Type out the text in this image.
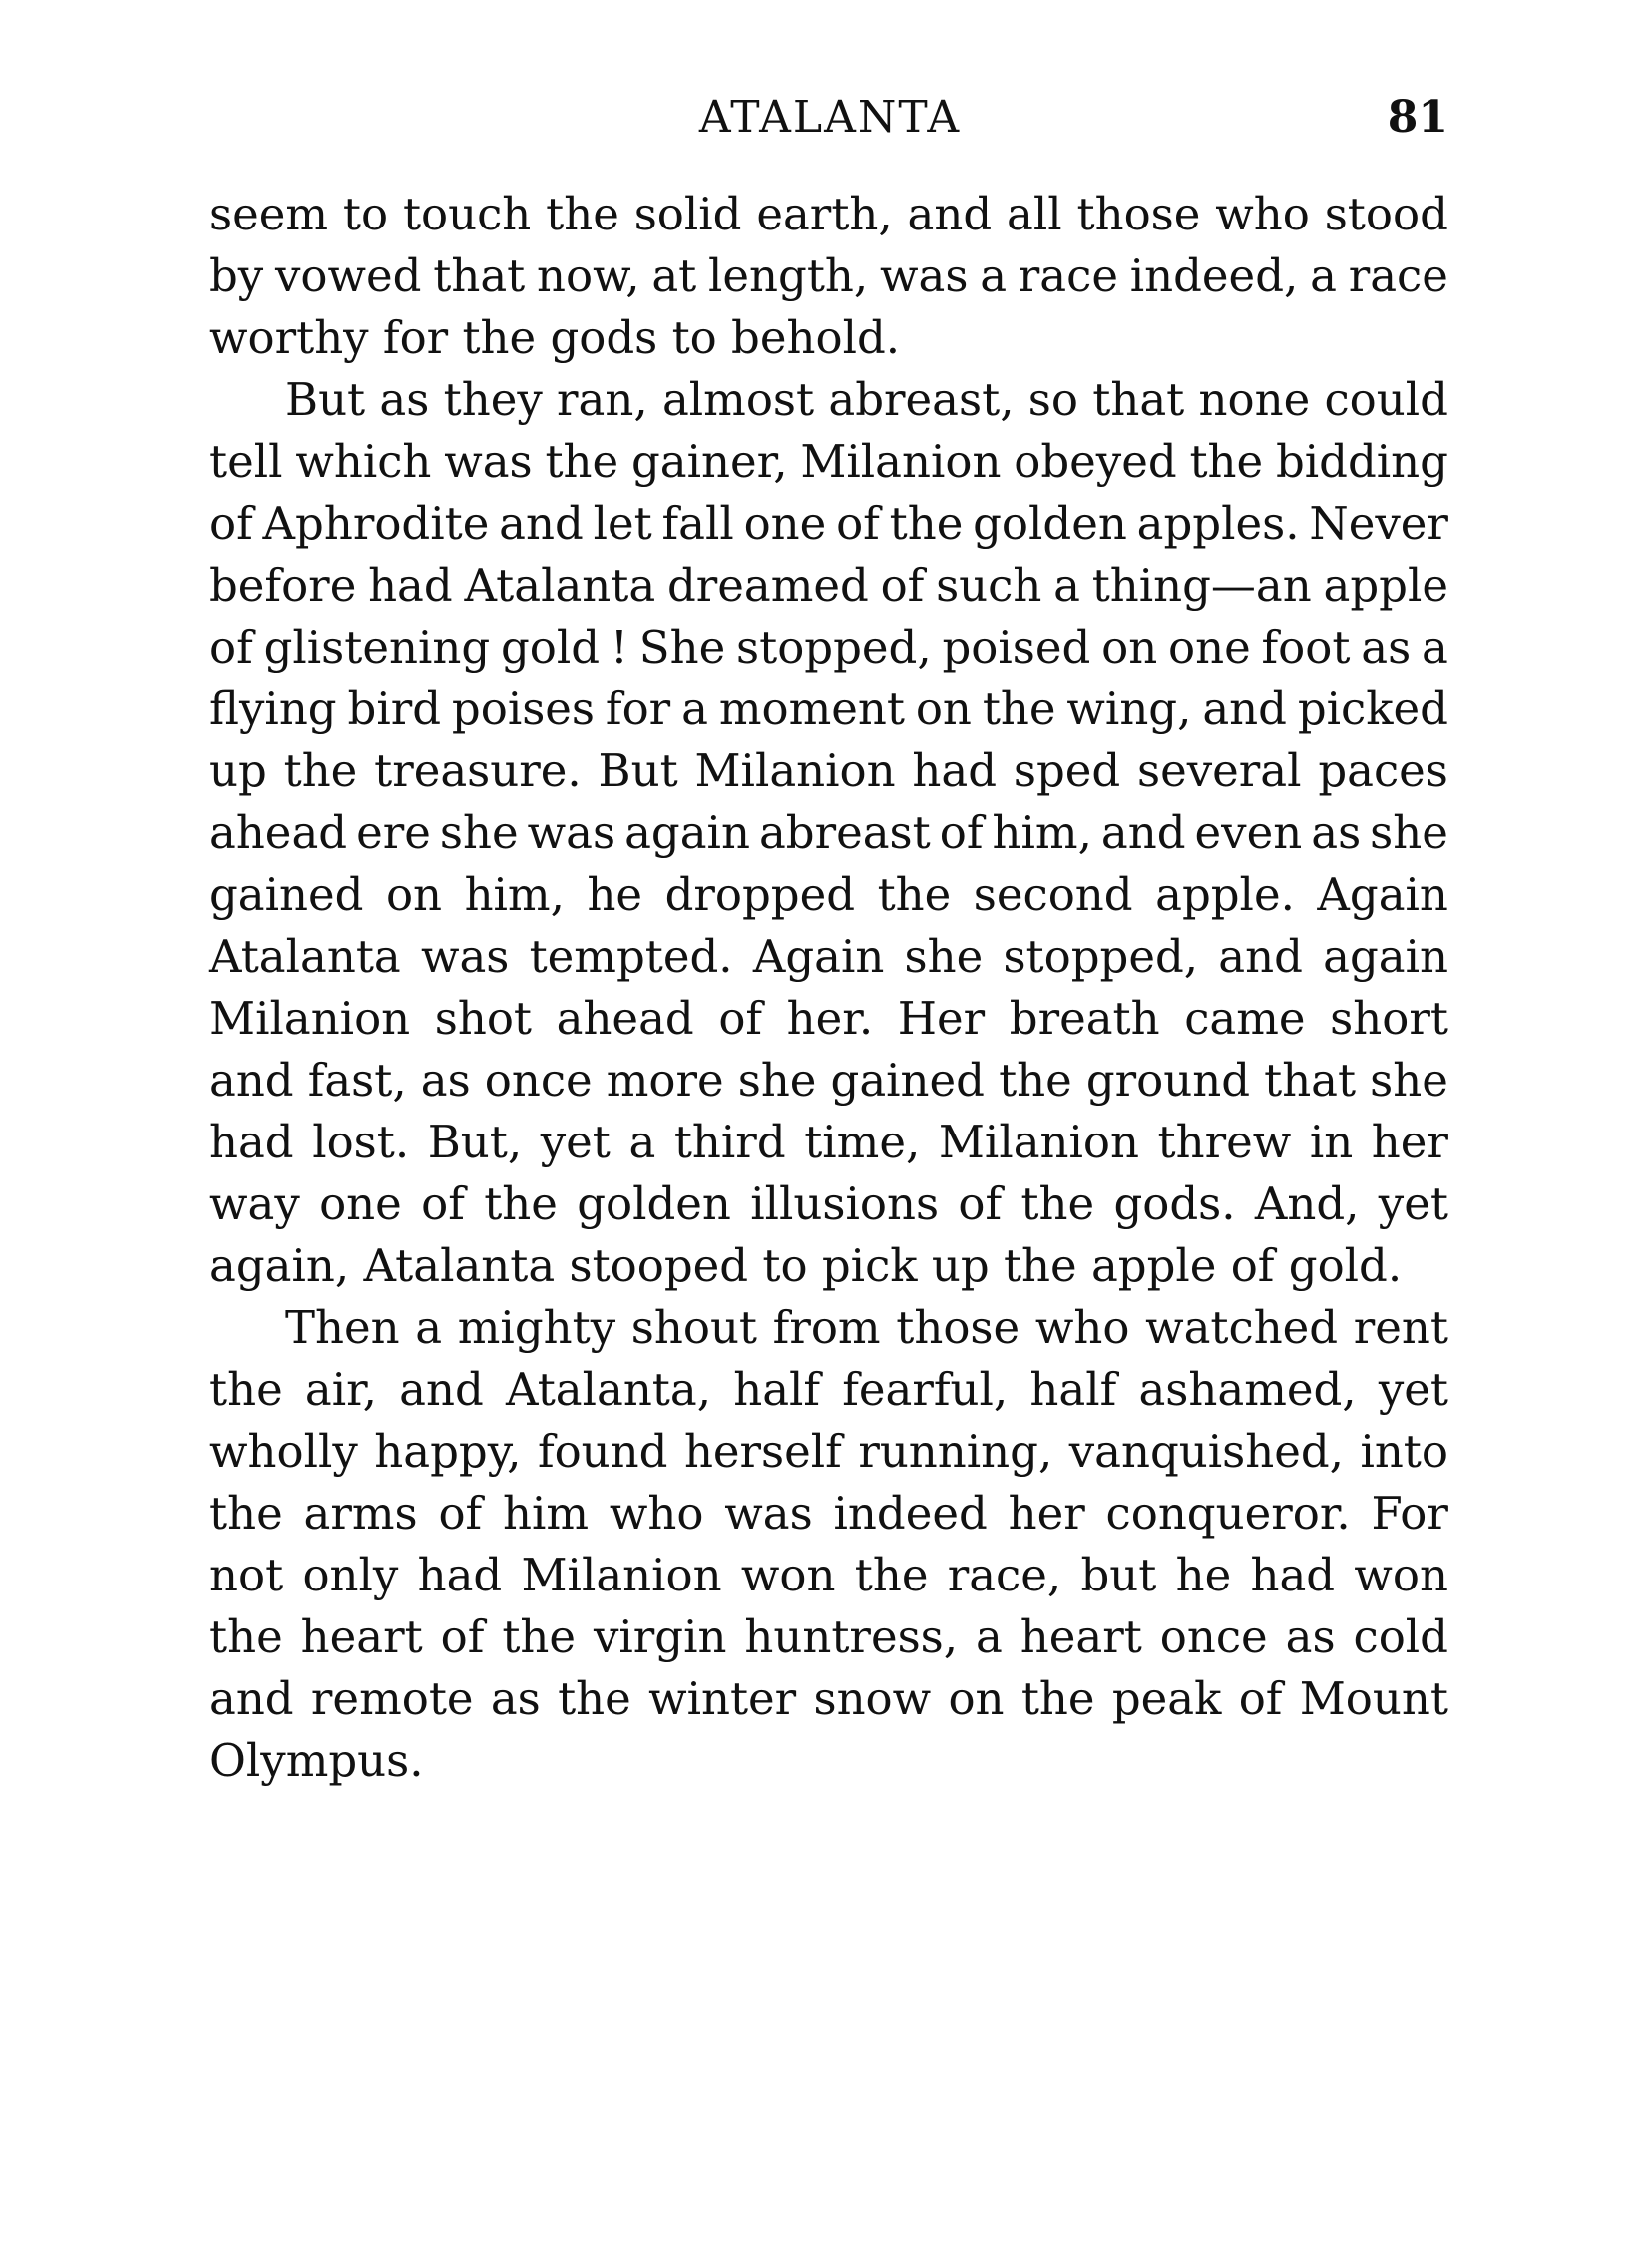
ATALANTA	81
seem to touch the solid earth, and all those who stood
by vowed that now, at length, was a race indeed, a race
worthy for the gods to behold.
But as they ran, almost abreast, so that none could
tell which was the gainer, Milanion obeyed the bidding
of Aphrodite and let fall one of the golden apples. Never
before had Atalanta dreamed of such a thing—an apple
of glistening gold ! She stopped, poised on one foot as a
flying bird poises for a moment on the wing, and picked
up the treasure. But Milanion had sped several paces
ahead ere she was again abreast of him, and even as she
gained on him, he dropped the second apple. Again
Atalanta was tempted. Again she stopped, and again
Milanion shot ahead of her. Her breath came short
and fast, as once more she gained the ground that she
had lost. But, yet a third time, Milanion threw in her
way one of the golden illusions of the gods. And, yet
again, Atalanta stooped to pick up the apple of gold.
Then a mighty shout from those who watched rent
the air, and Atalanta, half fearful, half ashamed, yet
wholly happy, found herself running, vanquished, into
the arms of him who was indeed her conqueror. For
not only had Milanion won the race, but he had won
the heart of the virgin huntress, a heart once as cold
and remote as the winter snow on the peak of Mount
Olympus.
